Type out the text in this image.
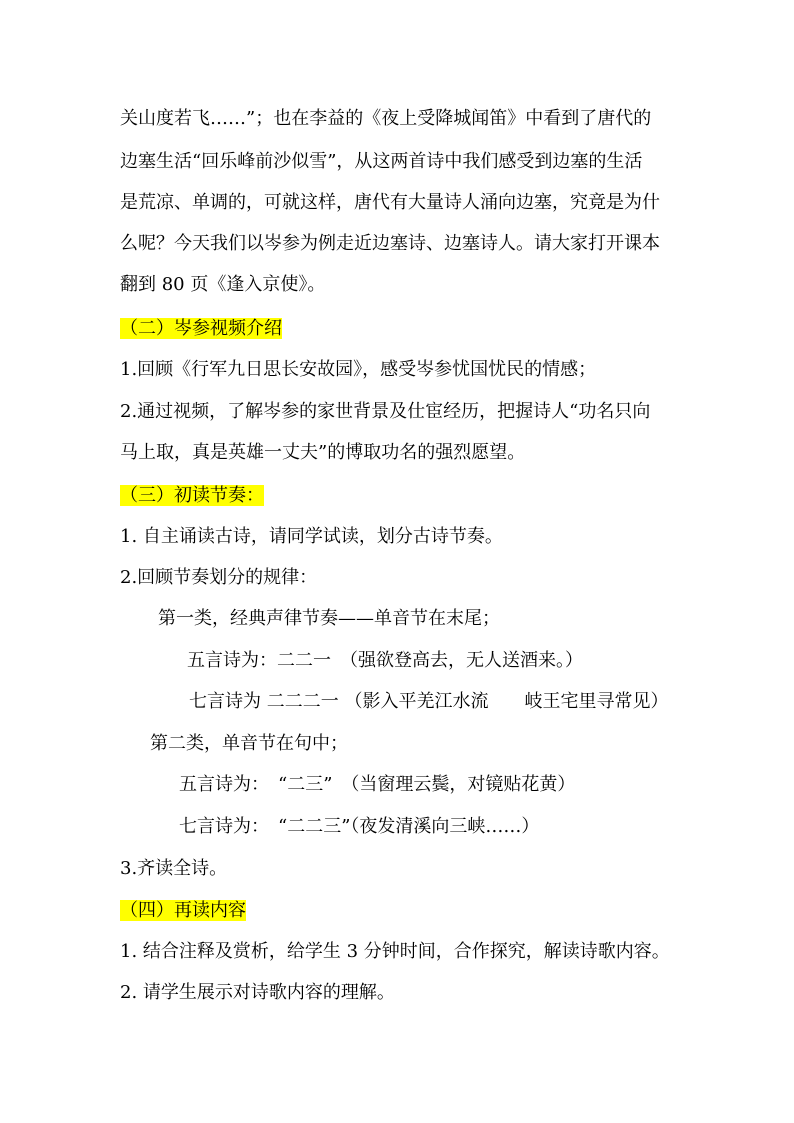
关山度若飞……”；也在李益的《夜上受降城闻笛》中看到了唐代的
边塞生活“回乐峰前沙似雪”，从这两首诗中我们感受到边塞的生活
是荒凉、单调的，可就这样，唐代有大量诗人涌向边塞，究竟是为什
么呢？今天我们以岑参为例走近边塞诗、边塞诗人。请大家打开课本
翻到 80 页《逢入京使》。
（二）岑参视频介绍
1.回顾《行军九日思长安故园》，感受岑参忧国忧民的情感；
2.通过视频，了解岑参的家世背景及仕宦经历，把握诗人“功名只向
马上取，真是英雄一丈夫”的博取功名的强烈愿望。
（三）初读节奏：
1. 自主诵读古诗，请同学试读，划分古诗节奏。
2.回顾节奏划分的规律：
第一类，经典声律节奏——单音节在末尾；
五言诗为：二二一　（强欲登高去，无人送酒来。）
七言诗为 二二二一 （影入平羌江水流　　岐王宅里寻常见）
第二类，单音节在句中；
五言诗为：　“二三”　（当窗理云鬓，对镜贴花黄）
七言诗为：　“二二三”（夜发清溪向三峡……）
3.齐读全诗。
（四）再读内容
1. 结合注释及赏析，给学生 3 分钟时间，合作探究，解读诗歌内容。
2. 请学生展示对诗歌内容的理解。
